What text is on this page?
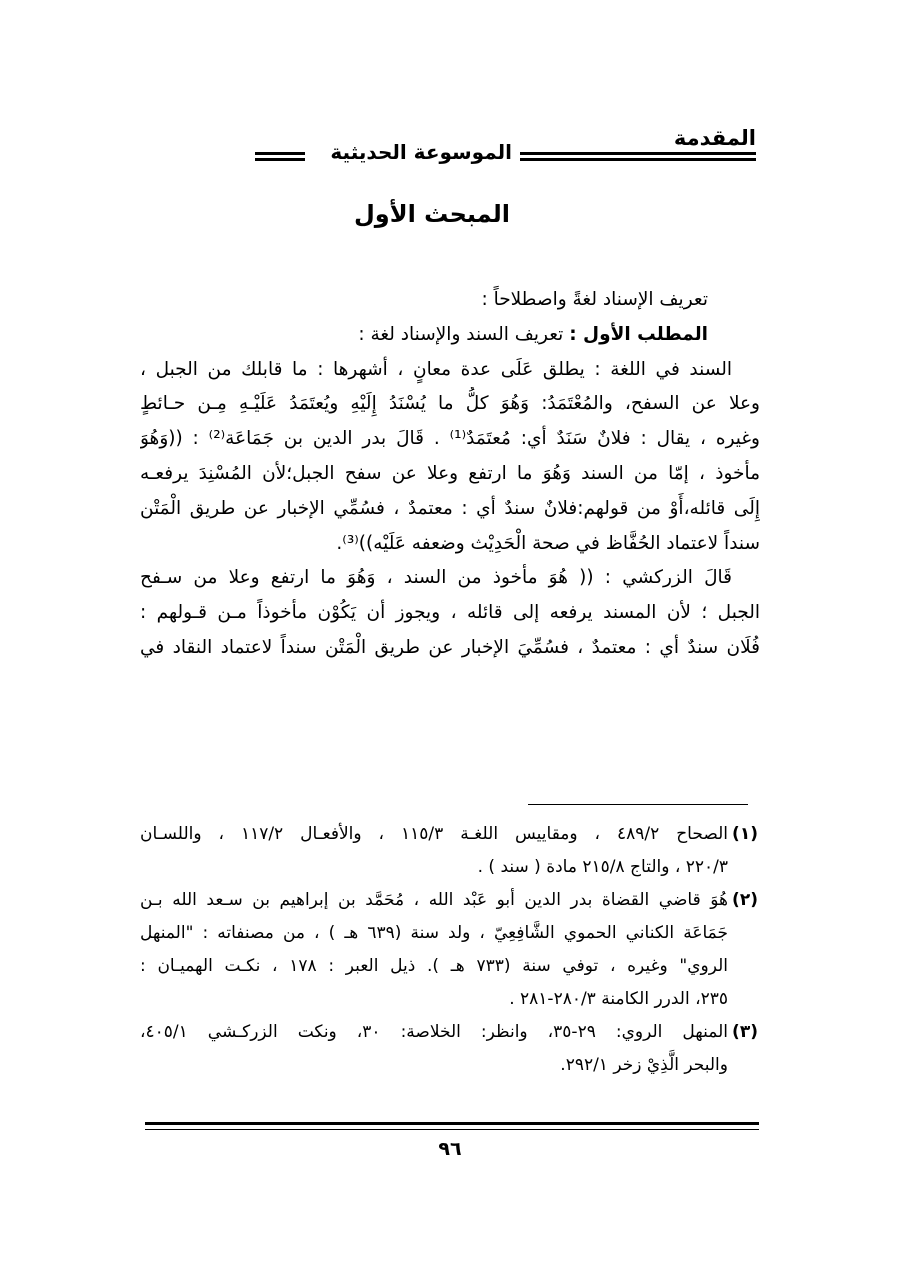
المقدمة
الموسوعة الحديثية
المبحث الأول
تعريف الإسناد لغةً واصطلاحاً :
المطلب الأول : تعريف السند والإسناد لغة :
السند في اللغة : يطلق عَلَى عدة معانٍ ، أشهرها : ما قابلك من الجبل ،
وعلا عن السفح، والمُعْتَمَدُ: وَهُوَ كلُّ ما يُسْنَدُ إِلَيْهِ ويُعتَمَدُ عَلَيْـهِ مِـن حـائطٍ
وغيره ، يقال : فلانٌ سَنَدٌ أي: مُعتَمَدٌ⁽¹⁾ . قَالَ بدر الدين بن جَمَاعَة⁽²⁾ : ((وَهُوَ
مأخوذ ، إمّا من السند وَهُوَ ما ارتفع وعلا عن سفح الجبل؛لأن المُسْنِدَ يرفعـه
إِلَى قائله،أَوْ من قولهم:فلانٌ سندٌ أي : معتمدٌ ، فسُمِّي الإخبار عن طريق الْمَتْن
سنداً لاعتماد الحُفَّاظ في صحة الْحَدِيْث وضعفه عَلَيْه))⁽³⁾.
قَالَ الزركشي : (( هُوَ مأخوذ من السند ، وَهُوَ ما ارتفع وعلا من سـفح
الجبل ؛ لأن المسند يرفعه إلى قائله ، ويجوز أن يَكُوْن مأخوذاً مـن قـولهم :
فُلَان سندٌ أي : معتمدٌ ، فسُمِّيَ الإخبار عن طريق الْمَتْن سنداً لاعتماد النقاد في
(١)
الصحاح ٤٨٩/٢ ، ومقاييس اللغـة ١١٥/٣ ، والأفعـال ١١٧/٢ ، واللسـان
٢٢٠/٣ ، والتاج ٢١٥/٨ مادة ( سند ) .
(٢)
هُوَ قاضي القضاة بدر الدين أبو عَبْد الله ، مُحَمَّد بن إبراهيم بن سـعد الله بـن
جَمَاعَة الكناني الحموي الشَّافِعِيّ ، ولد سنة (٦٣٩ هـ ) ، من مصنفاته : "المنهل
الروي" وغيره ، توفي سنة (٧٣٣ هـ ). ذيل العبر : ١٧٨ ، نكـت الهميـان :
٢٣٥، الدرر الكامنة ٢٨٠/٣-٢٨١ .
(٣)
المنهل الروي: ٢٩-٣٥، وانظر: الخلاصة: ٣٠، ونكت الزركـشي ٤٠٥/١،
والبحر الَّذِيْ زخر ٢٩٢/١.
٩٦
